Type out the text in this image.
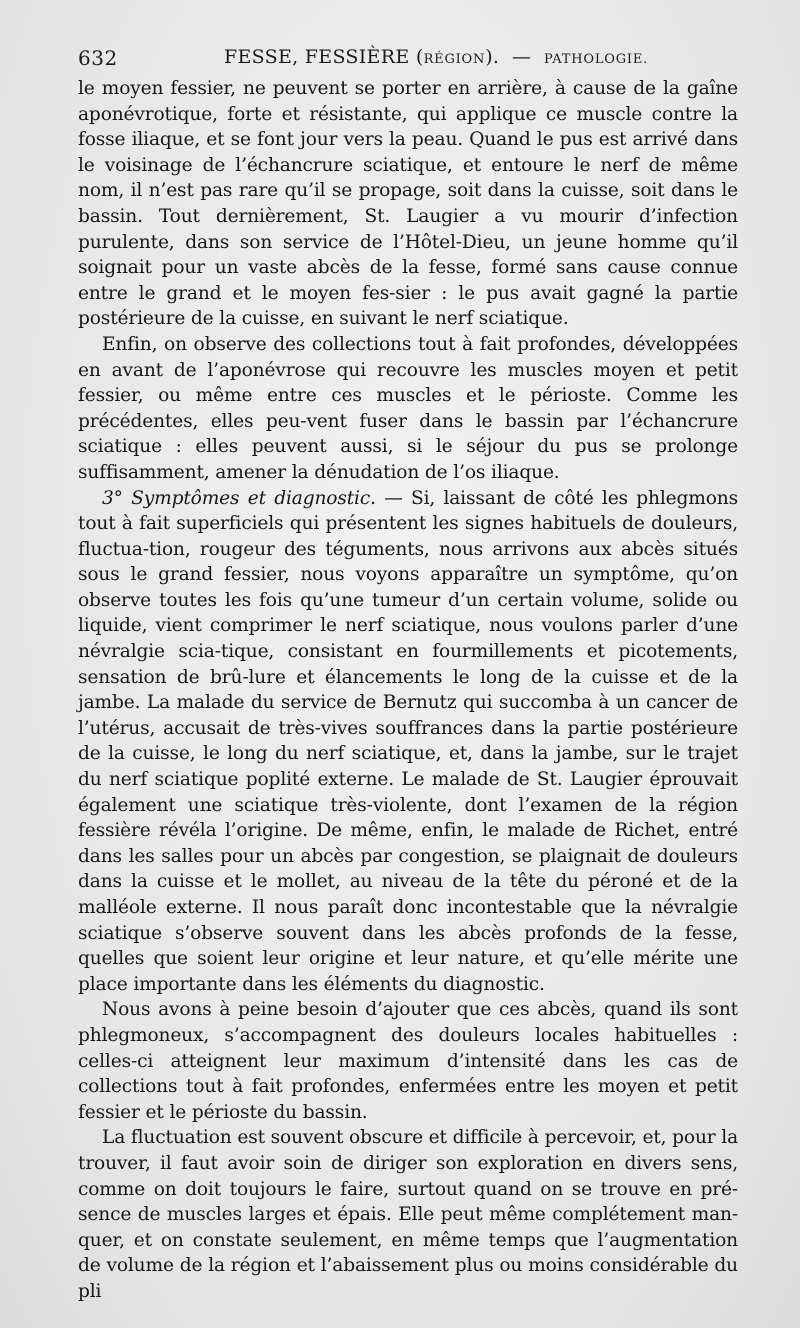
632	FESSE, FESSIÈRE (RÉGION). — PATHOLOGIE.

le moyen fessier, ne peuvent se porter en arrière, à cause de la gaîne aponévrotique, forte et résistante, qui applique ce muscle contre la fosse iliaque, et se font jour vers la peau. Quand le pus est arrivé dans le voisinage de l’échancrure sciatique, et entoure le nerf de même nom, il n’est pas rare qu’il se propage, soit dans la cuisse, soit dans le bassin. Tout dernièrement, St. Laugier a vu mourir d’infection purulente, dans son service de l’Hôtel-Dieu, un jeune homme qu’il soignait pour un vaste abcès de la fesse, formé sans cause connue entre le grand et le moyen fes-sier : le pus avait gagné la partie postérieure de la cuisse, en suivant le nerf sciatique.

Enfin, on observe des collections tout à fait profondes, développées en avant de l’aponévrose qui recouvre les muscles moyen et petit fessier, ou même entre ces muscles et le périoste. Comme les précédentes, elles peu-vent fuser dans le bassin par l’échancrure sciatique : elles peuvent aussi, si le séjour du pus se prolonge suffisamment, amener la dénudation de l’os iliaque.

3° Symptômes et diagnostic. — Si, laissant de côté les phlegmons tout à fait superficiels qui présentent les signes habituels de douleurs, fluctua-tion, rougeur des téguments, nous arrivons aux abcès situés sous le grand fessier, nous voyons apparaître un symptôme, qu’on observe toutes les fois qu’une tumeur d’un certain volume, solide ou liquide, vient comprimer le nerf sciatique, nous voulons parler d’une névralgie scia-tique, consistant en fourmillements et picotements, sensation de brû-lure et élancements le long de la cuisse et de la jambe. La malade du service de Bernutz qui succomba à un cancer de l’utérus, accusait de très-vives souffrances dans la partie postérieure de la cuisse, le long du nerf sciatique, et, dans la jambe, sur le trajet du nerf sciatique poplité externe. Le malade de St. Laugier éprouvait également une sciatique très-violente, dont l’examen de la région fessière révéla l’origine. De même, enfin, le malade de Richet, entré dans les salles pour un abcès par congestion, se plaignait de douleurs dans la cuisse et le mollet, au niveau de la tête du péroné et de la malléole externe. Il nous paraît donc incontestable que la névralgie sciatique s’observe souvent dans les abcès profonds de la fesse, quelles que soient leur origine et leur nature, et qu’elle mérite une place importante dans les éléments du diagnostic.

Nous avons à peine besoin d’ajouter que ces abcès, quand ils sont phlegmoneux, s’accompagnent des douleurs locales habituelles : celles-ci atteignent leur maximum d’intensité dans les cas de collections tout à fait profondes, enfermées entre les moyen et petit fessier et le périoste du bassin.

La fluctuation est souvent obscure et difficile à percevoir, et, pour la trouver, il faut avoir soin de diriger son exploration en divers sens, comme on doit toujours le faire, surtout quand on se trouve en pré-sence de muscles larges et épais. Elle peut même complétement man-quer, et on constate seulement, en même temps que l’augmentation de volume de la région et l’abaissement plus ou moins considérable du pli
